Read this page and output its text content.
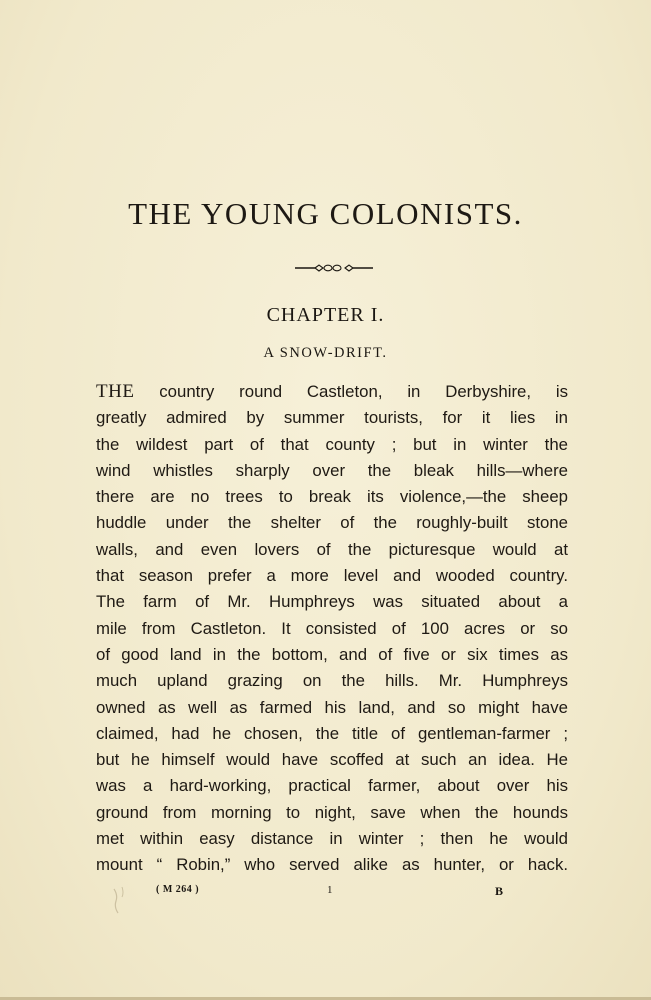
THE YOUNG COLONISTS.
CHAPTER I.
A SNOW-DRIFT.
THE country round Castleton, in Derbyshire, is
greatly admired by summer tourists, for it lies in
the wildest part of that county ; but in winter the
wind whistles sharply over the bleak hills—where
there are no trees to break its violence,—the sheep
huddle under the shelter of the roughly-built stone
walls, and even lovers of the picturesque would at
that season prefer a more level and wooded country.
The farm of Mr. Humphreys was situated about a
mile from Castleton. It consisted of 100 acres or so
of good land in the bottom, and of five or six times as
much upland grazing on the hills. Mr. Humphreys
owned as well as farmed his land, and so might have
claimed, had he chosen, the title of gentleman-farmer ;
but he himself would have scoffed at such an idea. He
was a hard-working, practical farmer, about over his
ground from morning to night, save when the hounds
met within easy distance in winter ; then he would
mount “ Robin,” who served alike as hunter, or hack.
( M 264 )	1	B
